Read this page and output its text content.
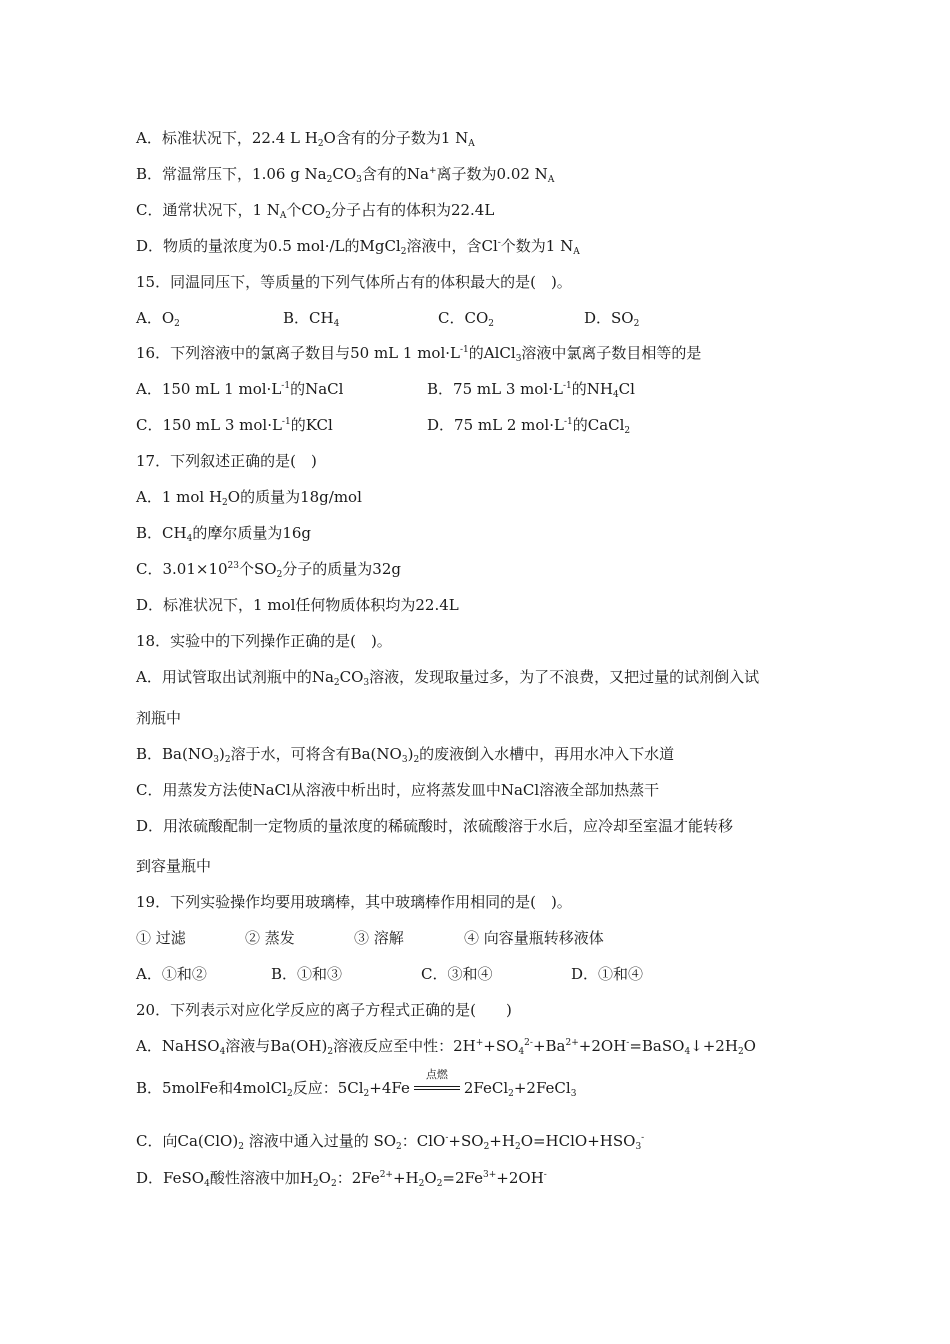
A．标准状况下，22.4 L $H_2O$含有的分子数为1 $N_A$
B．常温常压下，1.06 g $Na_2CO_3$含有的Na+离子数为0.02 $N_A$
C．通常状况下，1 $N_A$个$CO_2$分子占有的体积为22.4L
D．物质的量浓度为0.5 mol·/L的MgCl$_2$溶液中，含Cl-个数为1 $N_A$
15．同温同压下，等质量的下列气体所占有的体积最大的是(　)。
A．$O_2$	B．$CH_4$	C．$CO_2$	D．$SO_2$
16．下列溶液中的氯离子数目与50 mL 1 $mol\cdot L^{-1}$的AlCl$_3$溶液中氯离子数目相等的是
A．150 mL 1 $mol\cdot L^{-1}$的NaCl	B．75 mL 3 $mol\cdot L^{-1}$的$NH_4Cl$
C．150 mL 3 $mol\cdot L^{-1}$的KCl	D．75 mL 2 $mol\cdot L^{-1}$的CaCl$_2$
17．下列叙述正确的是(　)
A．1 mol $H_2O$的质量为18g/mol
B．$CH_4$的摩尔质量为16g
C．$3.01\times 10^{23}$个$SO_2$分子的质量为32g
D．标准状况下，1 mol任何物质体积均为22.4L
18．实验中的下列操作正确的是(　)。
A．用试管取出试剂瓶中的$Na_2CO_3$溶液，发现取量过多，为了不浪费，又把过量的试剂倒入试
剂瓶中
B．$Ba(NO_3)_2$溶于水，可将含有$Ba(NO_3)_2$的废液倒入水槽中，再用水冲入下水道
C．用蒸发方法使NaCl从溶液中析出时，应将蒸发皿中NaCl溶液全部加热蒸干
D．用浓硫酸配制一定物质的量浓度的稀硫酸时，浓硫酸溶于水后，应冷却至室温才能转移
到容量瓶中
19．下列实验操作均要用玻璃棒，其中玻璃棒作用相同的是(　)。
① 过滤	② 蒸发	③ 溶解	④ 向容量瓶转移液体
A．①和②	B．①和③	C．③和④	D．①和④
20．下列表示对应化学反应的离子方程式正确的是(　　)
A．NaHSO$_4$溶液与$Ba(OH)_2$溶液反应至中性：$2H^++SO_4^{2-}+Ba^{2+}+2OH^-=BaSO_4↓+2H_2O$
B．5molFe和4molCl$_2$反应：$5Cl_2+4Fe$
点燃
2FeCl$_2$+2FeCl$_3$
C．向$Ca(ClO)_2$ 溶液中通入过量的 $SO_2$：$ClO^-+SO_2+H_2O=HClO+HSO_3^-$
D．FeSO$_4$酸性溶液中加$H_2O_2$：$2Fe^{2+}+H_2O_2=2Fe^{3+}+2OH^-$
